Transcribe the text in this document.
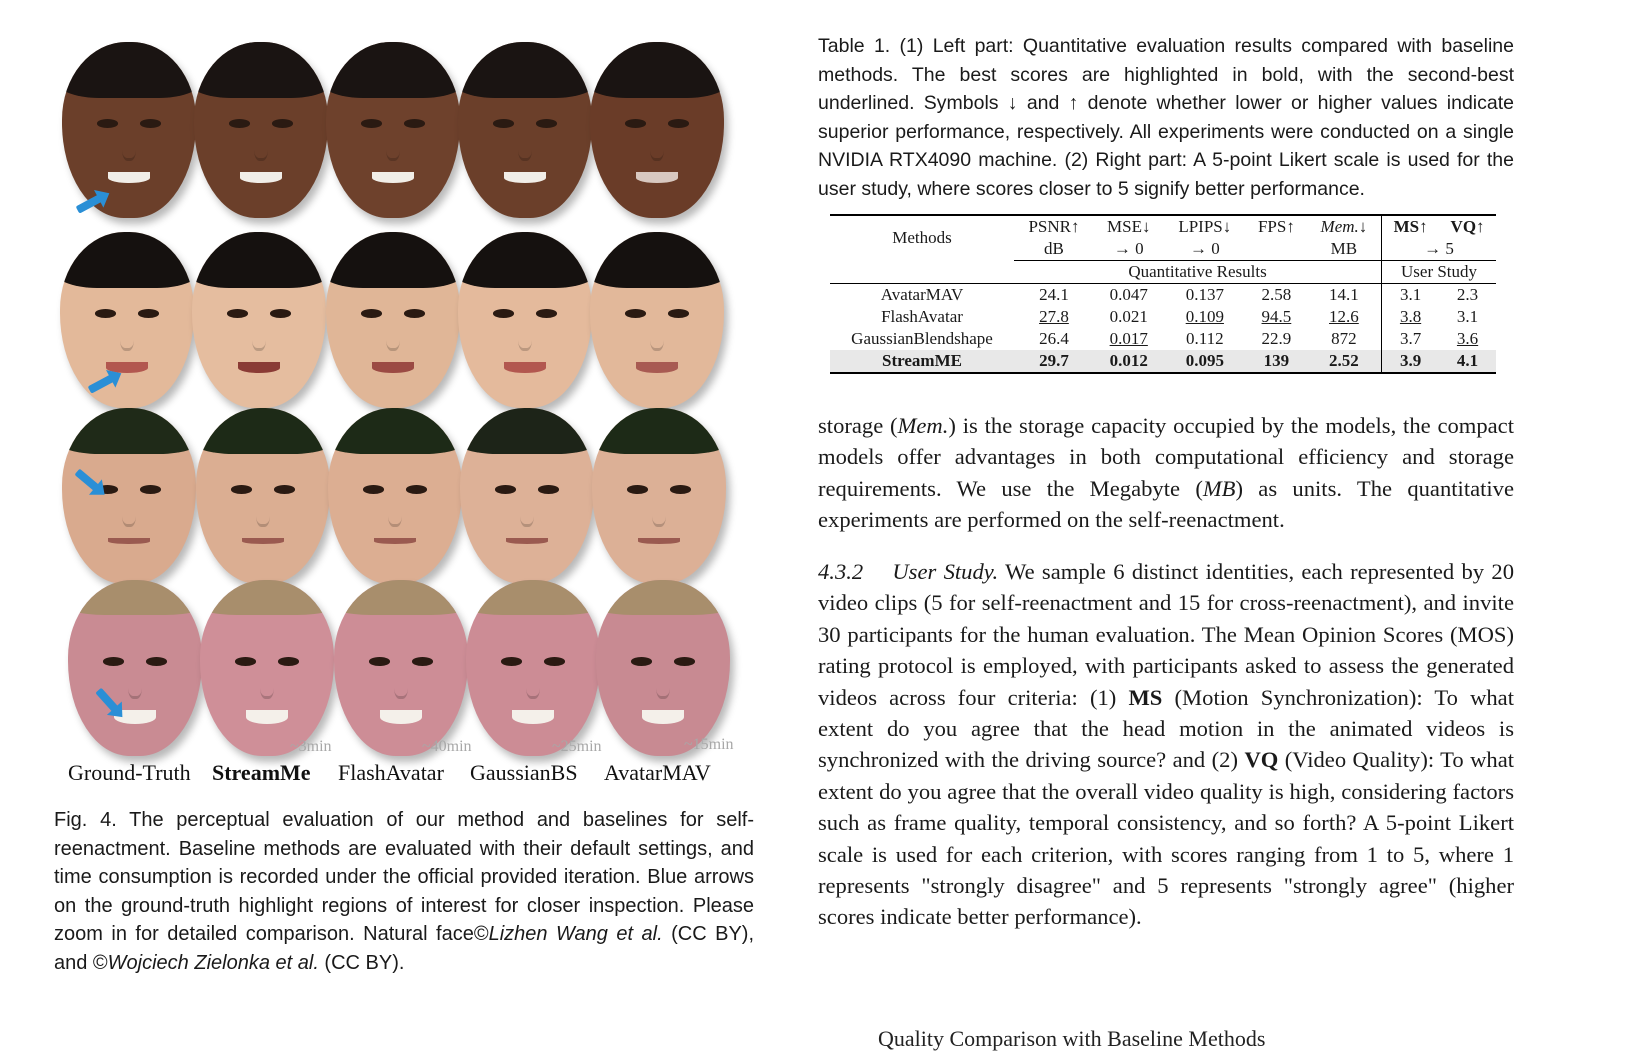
~3min	~40min	~25min	~15min
Ground-Truth StreamMe FlashAvatar GaussianBS AvatarMAV
Fig. 4. The perceptual evaluation of our method and baselines for self-reenactment. Baseline methods are evaluated with their default settings, and time consumption is recorded under the official provided iteration. Blue arrows on the ground-truth highlight regions of interest for closer inspection. Please zoom in for detailed comparison. Natural face©Lizhen Wang et al. (CC BY), and ©Wojciech Zielonka et al. (CC BY).
Table 1. (1) Left part: Quantitative evaluation results compared with baseline methods. The best scores are highlighted in bold, with the second-best underlined. Symbols ↓ and ↑ denote whether lower or higher values indicate superior performance, respectively. All experiments were conducted on a single NVIDIA RTX4090 machine. (2) Right part: A 5-point Likert scale is used for the user study, where scores closer to 5 signify better performance.
Methods	PSNR↑	MSE↓	LPIPS↓	FPS↑	Mem.↓	MS↑	VQ↑
	dB	→ 0	→ 0		MB	→ 5	
	Quantitative Results					User Study	
AvatarMAV	24.1	0.047	0.137	2.58	14.1	3.1	2.3
FlashAvatar	27.8	0.021	0.109	94.5	12.6	3.8	3.1
GaussianBlendshape	26.4	0.017	0.112	22.9	872	3.7	3.6
StreamME	29.7	0.012	0.095	139	2.52	3.9	4.1
storage (Mem.) is the storage capacity occupied by the models, the compact models offer advantages in both computational efficiency and storage requirements. We use the Megabyte (MB) as units. The quantitative experiments are performed on the self-reenactment.
4.3.2    User Study. We sample 6 distinct identities, each represented by 20 video clips (5 for self-reenactment and 15 for cross-reenactment), and invite 30 participants for the human evaluation. The Mean Opinion Scores (MOS) rating protocol is employed, with participants asked to assess the generated videos across four criteria: (1) MS (Motion Synchronization): To what extent do you agree that the head motion in the animated videos is synchronized with the driving source? and (2) VQ (Video Quality): To what extent do you agree that the overall video quality is high, considering factors such as frame quality, temporal consistency, and so forth? A 5-point Likert scale is used for each criterion, with scores ranging from 1 to 5, where 1 represents "strongly disagree" and 5 represents "strongly agree" (higher scores indicate better performance).
Quality Comparison with Baseline Methods
